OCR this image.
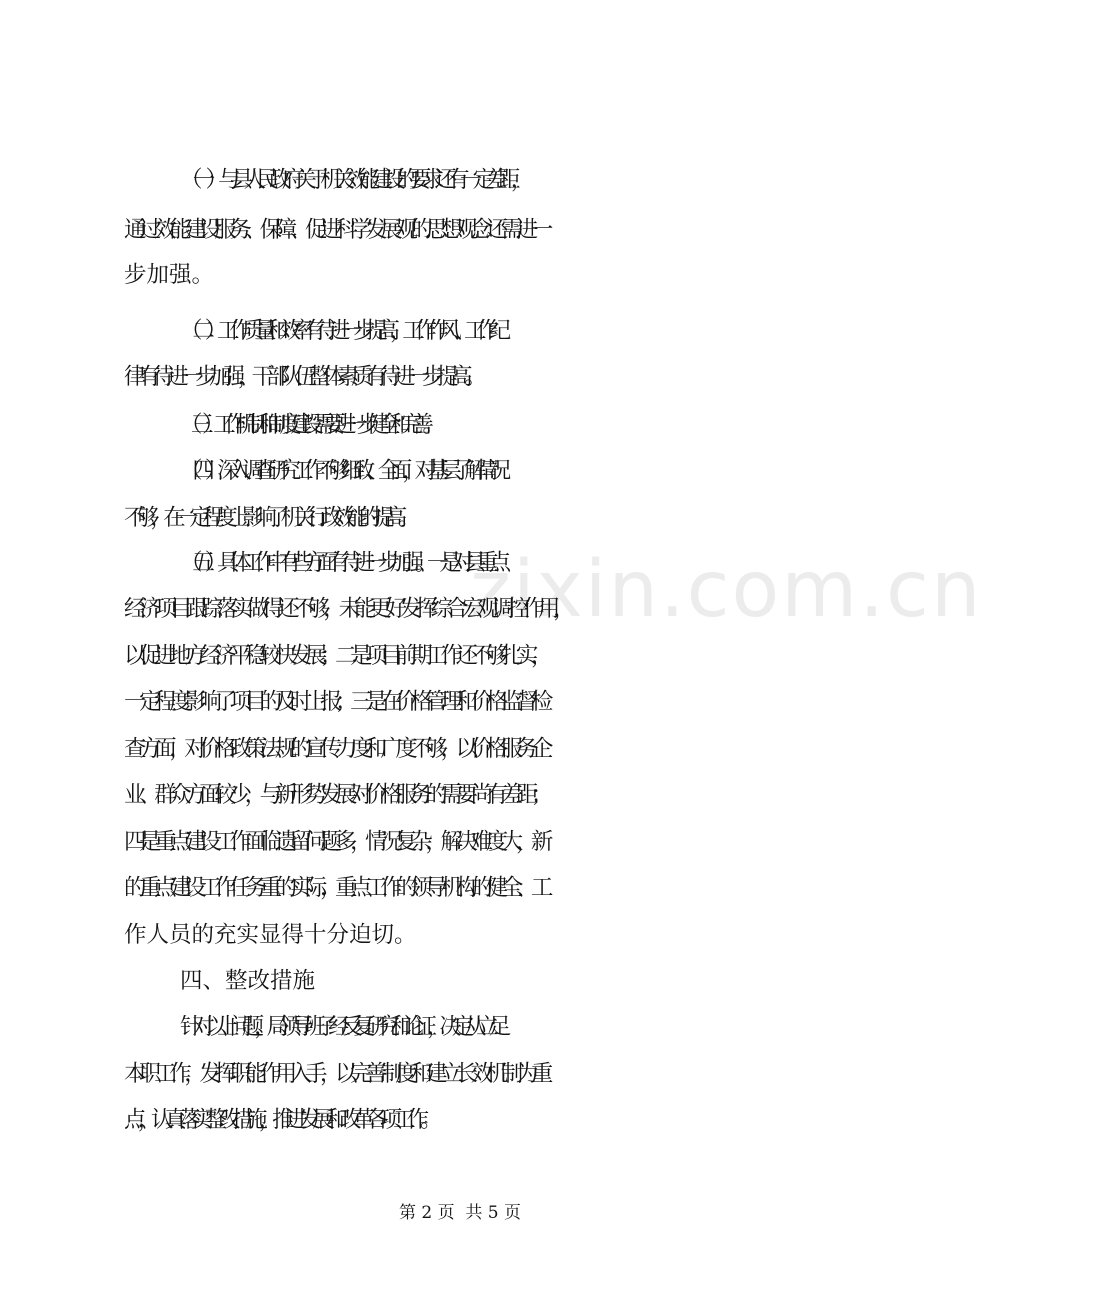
zixin.com.cn

（一）与县人民政府关于机关效能建设的要求还有一定差距，

通过效能建设服务、保障、促进科学发展观的思想观念还需进一

步加强。

（二）工作质量和效率有待进一步提高，工作作风、工作纪

律有待进一步加强，干部队伍整体素质有待进一步提高。

（三）工作机制和制度建设需要进一步健全和完善。

（四）深入调查研究工作不够细致、全面，对基层了解情况

不够，在一定程度上影响了机关行政效能的提高。

（五）具体工作中有些方面有待进一步加强。一是对县重点

经济项目跟踪落实做得还不够，未能更好发挥综合宏观调控作用，

以促进地方经济平稳较快发展；二是项目前期工作还不够扎实，

一定程度影响了项目的及时上报；三是在价格管理和价格监督检

查方面，对价格政策法规的宣传力度和广度不够，以价格服务企

业、群众方面较少，与新形势发展对价格服务的需要尚有差距；

四是重点建设工作面临遗留问题多，情况复杂，解决难度大，新

的重点建设工作任务重的实际，重点工作的领导机构的健全、工

作人员的充实显得十分迫切。

四、整改措施

针对以上问题，局领导班子经反复研究和论证，决定从立足

本职工作，发挥职能作用入手，以完善制度和建立长效机制为重

点，认真落实整改措施，推进发展和改革各项工作。

第 2 页 共 5 页
